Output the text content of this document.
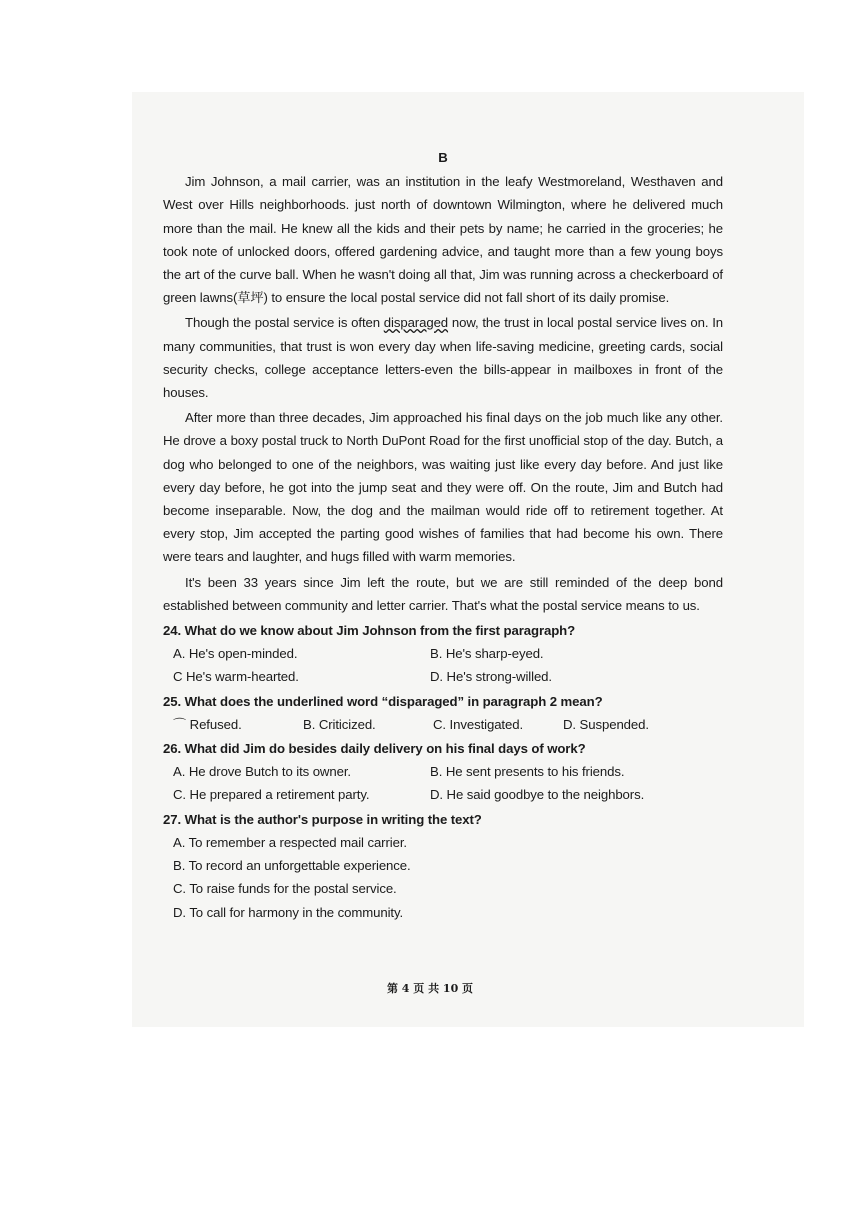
B

Jim Johnson, a mail carrier, was an institution in the leafy Westmoreland, Westhaven and West over Hills neighborhoods. just north of downtown Wilmington, where he delivered much more than the mail. He knew all the kids and their pets by name; he carried in the groceries; he took note of unlocked doors, offered gardening advice, and taught more than a few young boys the art of the curve ball. When he wasn't doing all that, Jim was running across a checkerboard of green lawns(草坪) to ensure the local postal service did not fall short of its daily promise.

Though the postal service is often disparaged now, the trust in local postal service lives on. In many communities, that trust is won every day when life-saving medicine, greeting cards, social security checks, college acceptance letters-even the bills-appear in mailboxes in front of the houses.

After more than three decades, Jim approached his final days on the job much like any other. He drove a boxy postal truck to North DuPont Road for the first unofficial stop of the day. Butch, a dog who belonged to one of the neighbors, was waiting just like every day before. And just like every day before, he got into the jump seat and they were off. On the route, Jim and Butch had become inseparable. Now, the dog and the mailman would ride off to retirement together. At every stop, Jim accepted the parting good wishes of families that had become his own. There were tears and laughter, and hugs filled with warm memories.

It's been 33 years since Jim left the route, but we are still reminded of the deep bond established between community and letter carrier. That's what the postal service means to us.

24. What do we know about Jim Johnson from the first paragraph?
A. He's open-minded.	B. He's sharp-eyed.
C He's warm-hearted.	D. He's strong-willed.
25. What does the underlined word “disparaged” in paragraph 2 mean?
⌒ Refused.	B. Criticized.	C. Investigated.	D. Suspended.
26. What did Jim do besides daily delivery on his final days of work?
A. He drove Butch to its owner.	B. He sent presents to his friends.
C. He prepared a retirement party.	D. He said goodbye to the neighbors.
27. What is the author's purpose in writing the text?
A. To remember a respected mail carrier.
B. To record an unforgettable experience.
C. To raise funds for the postal service.
D. To call for harmony in the community.
第 4 页 共 10 页
